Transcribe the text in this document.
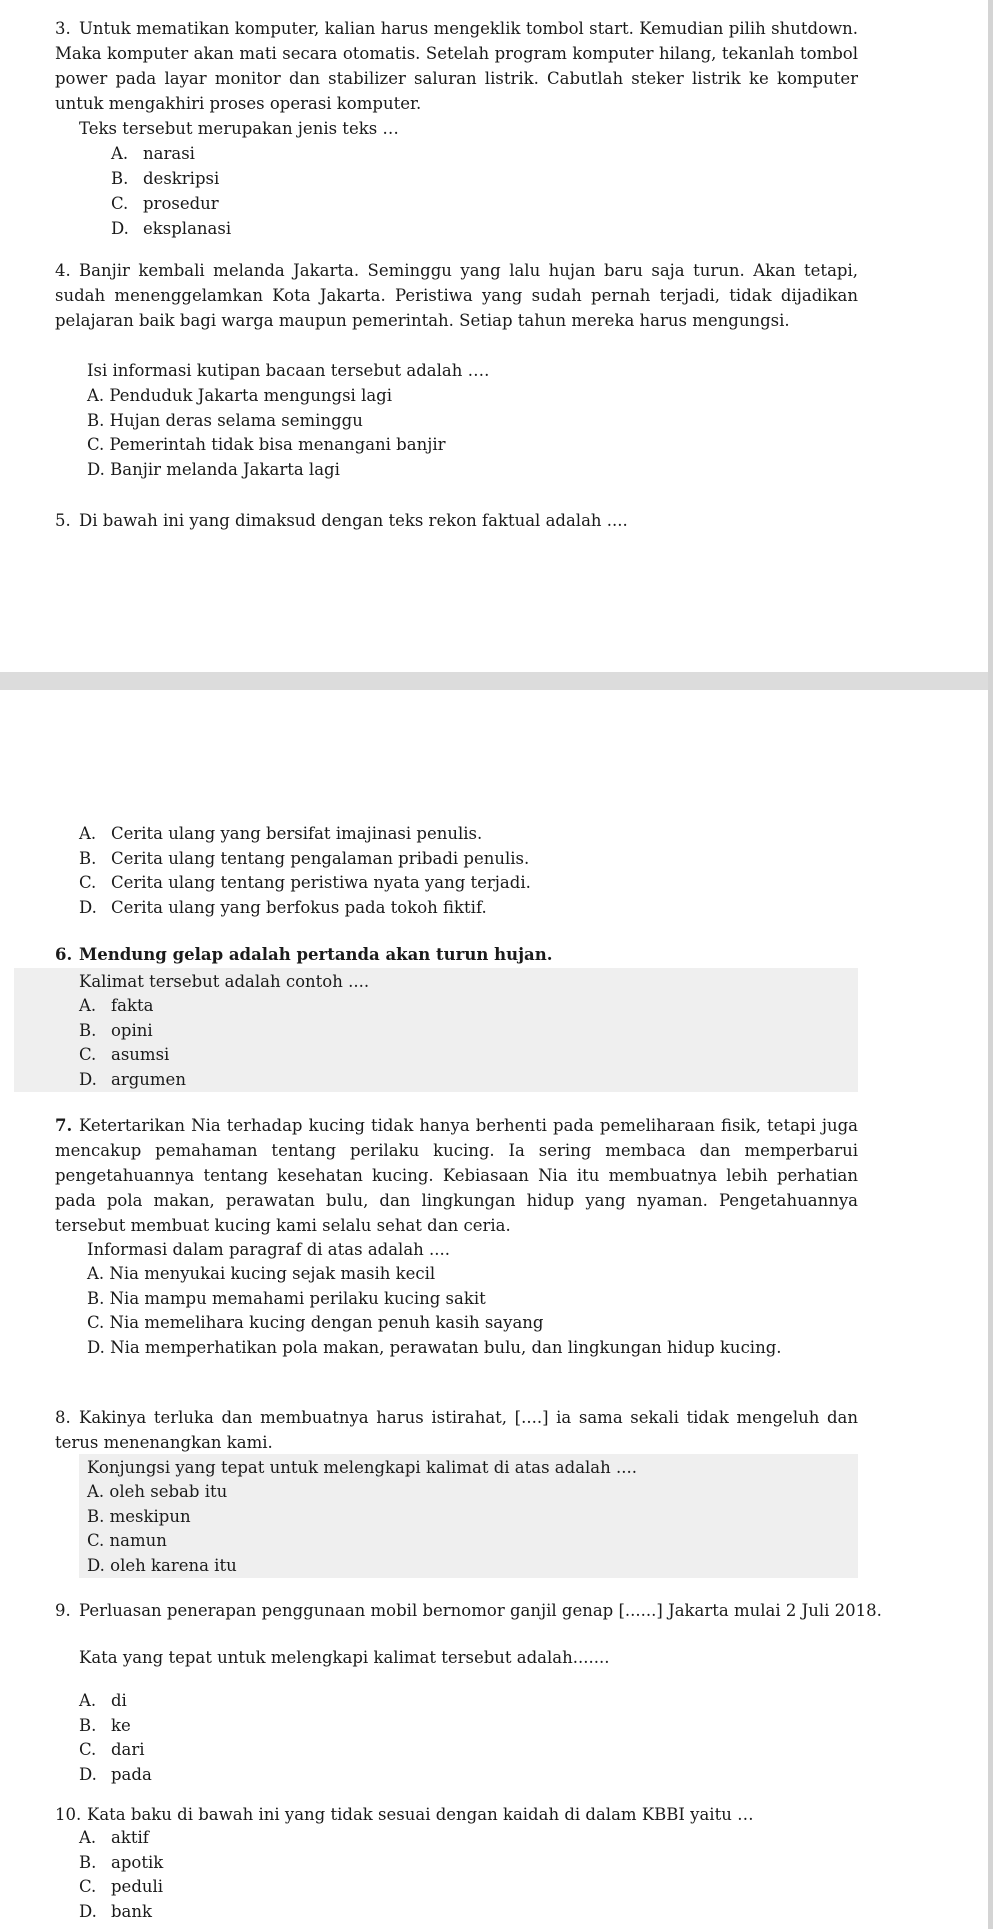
3. Untuk mematikan komputer, kalian harus mengeklik tombol start. Kemudian pilih shutdown. Maka komputer akan mati secara otomatis. Setelah program komputer hilang, tekanlah tombol power pada layar monitor dan stabilizer saluran listrik. Cabutlah steker listrik ke komputer untuk mengakhiri proses operasi komputer.
Teks tersebut merupakan jenis teks …
A. narasi
B. deskripsi
C. prosedur
D. eksplanasi
4. Banjir kembali melanda Jakarta. Seminggu yang lalu hujan baru saja turun. Akan tetapi, sudah menenggelamkan Kota Jakarta. Peristiwa yang sudah pernah terjadi, tidak dijadikan pelajaran baik bagi warga maupun pemerintah. Setiap tahun mereka harus mengungsi.
Isi informasi kutipan bacaan tersebut adalah ….
A. Penduduk Jakarta mengungsi lagi
B. Hujan deras selama seminggu
C. Pemerintah tidak bisa menangani banjir
D. Banjir melanda Jakarta lagi
5. Di bawah ini yang dimaksud dengan teks rekon faktual adalah ....
A. Cerita ulang yang bersifat imajinasi penulis.
B. Cerita ulang tentang pengalaman pribadi penulis.
C. Cerita ulang tentang peristiwa nyata yang terjadi.
D. Cerita ulang yang berfokus pada tokoh fiktif.
6. Mendung gelap adalah pertanda akan turun hujan.
Kalimat tersebut adalah contoh ....
A. fakta
B. opini
C. asumsi
D. argumen
7. Ketertarikan Nia terhadap kucing tidak hanya berhenti pada pemeliharaan fisik, tetapi juga mencakup pemahaman tentang perilaku kucing. Ia sering membaca dan memperbarui pengetahuannya tentang kesehatan kucing. Kebiasaan Nia itu membuatnya lebih perhatian pada pola makan, perawatan bulu, dan lingkungan hidup yang nyaman. Pengetahuannya tersebut membuat kucing kami selalu sehat dan ceria.
Informasi dalam paragraf di atas adalah ....
A. Nia menyukai kucing sejak masih kecil
B. Nia mampu memahami perilaku kucing sakit
C. Nia memelihara kucing dengan penuh kasih sayang
D. Nia memperhatikan pola makan, perawatan bulu, dan lingkungan hidup kucing.
8. Kakinya terluka dan membuatnya harus istirahat, [....] ia sama sekali tidak mengeluh dan terus menenangkan kami.
Konjungsi yang tepat untuk melengkapi kalimat di atas adalah ....
A. oleh sebab itu
B. meskipun
C. namun
D. oleh karena itu
9. Perluasan penerapan penggunaan mobil bernomor ganjil genap [......] Jakarta mulai 2 Juli 2018.
Kata yang tepat untuk melengkapi kalimat tersebut adalah.......
A. di
B. ke
C. dari
D. pada
10. Kata baku di bawah ini yang tidak sesuai dengan kaidah di dalam KBBI yaitu …
A. aktif
B. apotik
C. peduli
D. bank
